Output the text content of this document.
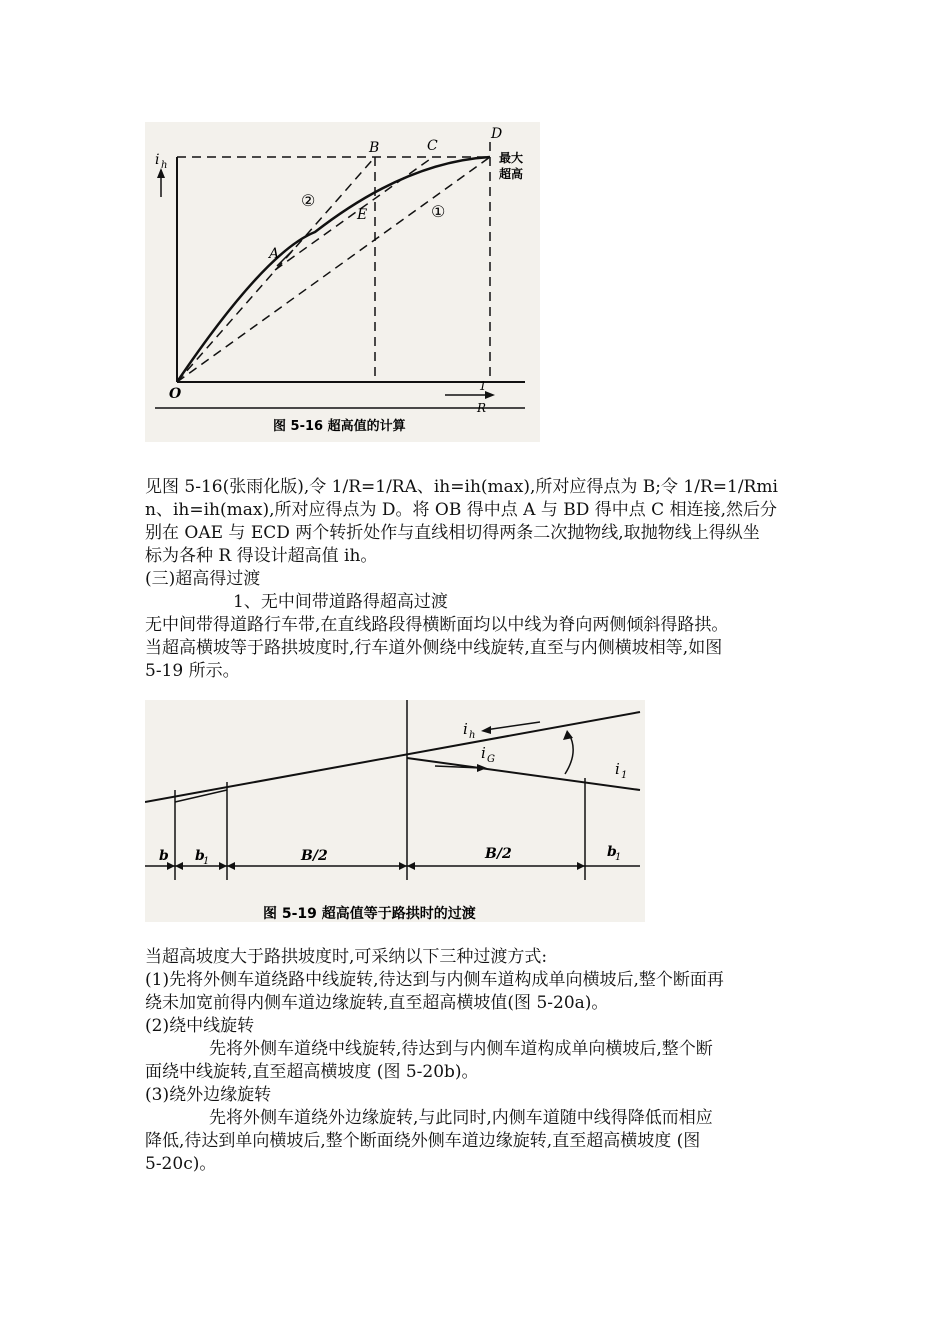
i h
O
A
B	C
D
E	①
②
最大
超高
1
R
图 5-16 超高值的计算

见图 5-16(张雨化版),令 1/R=1/RA、ih=ih(max),所对应得点为 B;令 1/R=1/Rmi

n、ih=ih(max),所对应得点为 D。将 OB 得中点 A 与 BD 得中点 C 相连接,然后分

别在 OAE 与 ECD 两个转折处作与直线相切得两条二次抛物线,取抛物线上得纵坐

标为各种 R 得设计超高值 ih。

(三)超高得过渡

1、无中间带道路得超高过渡

无中间带得道路行车带,在直线路段得横断面均以中线为脊向两侧倾斜得路拱。

当超高横坡等于路拱坡度时,行车道外侧绕中线旋转,直至与内侧横坡相等,如图

5-19 所示。

i h
i G
i 1
b b
1	B/2	B/2	b
1
图 5-19 超高值等于路拱时的过渡

当超高坡度大于路拱坡度时,可采纳以下三种过渡方式:

(1)先将外侧车道绕路中线旋转,待达到与内侧车道构成单向横坡后,整个断面再

绕未加宽前得内侧车道边缘旋转,直至超高横坡值(图 5-20a)。

(2)绕中线旋转

先将外侧车道绕中线旋转,待达到与内侧车道构成单向横坡后,整个断

面绕中线旋转,直至超高横坡度 (图 5-20b)。

(3)绕外边缘旋转

先将外侧车道绕外边缘旋转,与此同时,内侧车道随中线得降低而相应

降低,待达到单向横坡后,整个断面绕外侧车道边缘旋转,直至超高横坡度 (图

5-20c)。
